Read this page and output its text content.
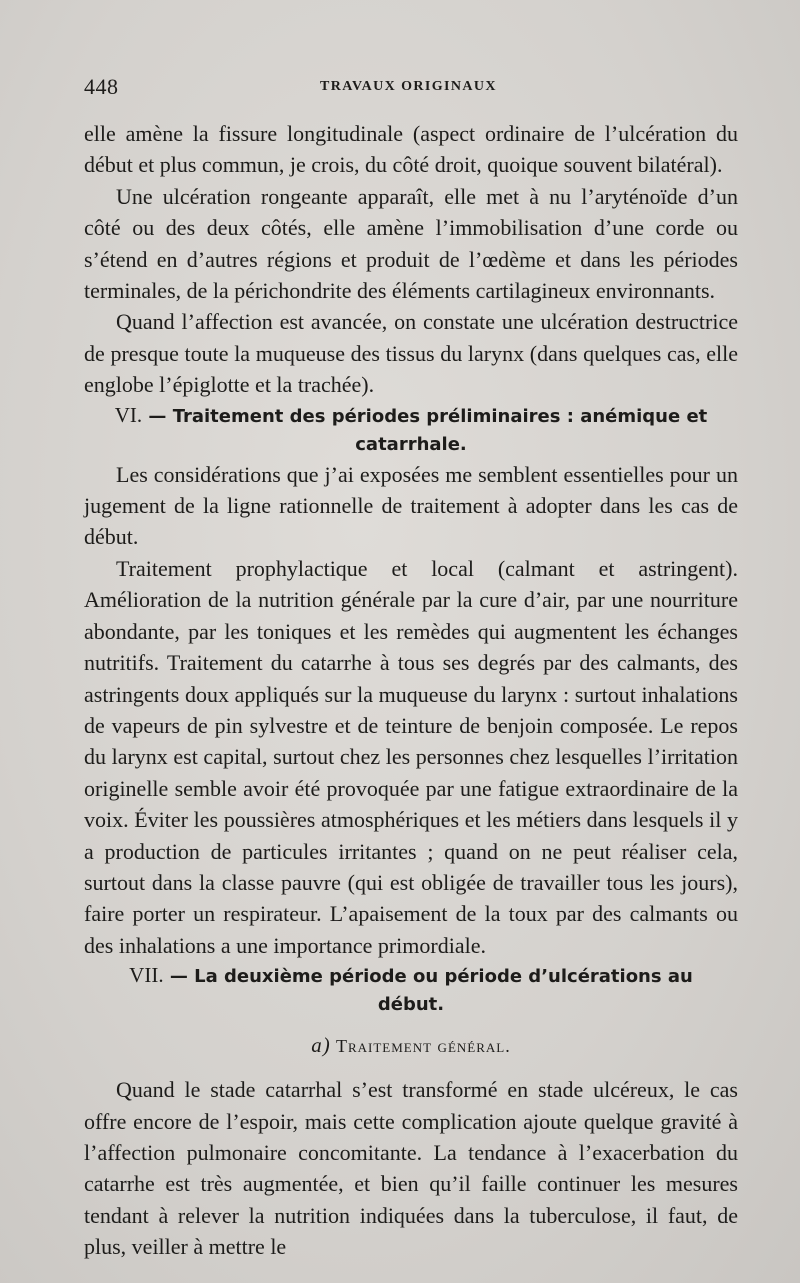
448	TRAVAUX ORIGINAUX

elle amène la fissure longitudinale (aspect ordinaire de l’ulcération du début et plus commun, je crois, du côté droit, quoique souvent bilatéral).

Une ulcération rongeante apparaît, elle met à nu l’aryténoïde d’un côté ou des deux côtés, elle amène l’immobilisation d’une corde ou s’étend en d’autres régions et produit de l’œdème et dans les périodes terminales, de la périchondrite des éléments cartilagineux environnants.

Quand l’affection est avancée, on constate une ulcération destructrice de presque toute la muqueuse des tissus du larynx (dans quelques cas, elle englobe l’épiglotte et la trachée).

VI. — Traitement des périodes préliminaires : anémique et catarrhale.

Les considérations que j’ai exposées me semblent essentielles pour un jugement de la ligne rationnelle de traitement à adopter dans les cas de début.

Traitement prophylactique et local (calmant et astringent). Amélioration de la nutrition générale par la cure d’air, par une nourriture abondante, par les toniques et les remèdes qui augmentent les échanges nutritifs. Traitement du catarrhe à tous ses degrés par des calmants, des astringents doux appliqués sur la muqueuse du larynx : surtout inhalations de vapeurs de pin sylvestre et de teinture de benjoin composée. Le repos du larynx est capital, surtout chez les personnes chez lesquelles l’irritation originelle semble avoir été provoquée par une fatigue extraordinaire de la voix. Éviter les poussières atmosphériques et les métiers dans lesquels il y a production de particules irritantes ; quand on ne peut réaliser cela, surtout dans la classe pauvre (qui est obligée de travailler tous les jours), faire porter un respirateur. L’apaisement de la toux par des calmants ou des inhalations a une importance primordiale.

VII. — La deuxième période ou période d’ulcérations au début.
a) Traitement général.

Quand le stade catarrhal s’est transformé en stade ulcéreux, le cas offre encore de l’espoir, mais cette complication ajoute quelque gravité à l’affection pulmonaire concomitante. La tendance à l’exacerbation du catarrhe est très augmentée, et bien qu’il faille continuer les mesures tendant à relever la nutrition indiquées dans la tuberculose, il faut, de plus, veiller à mettre le
